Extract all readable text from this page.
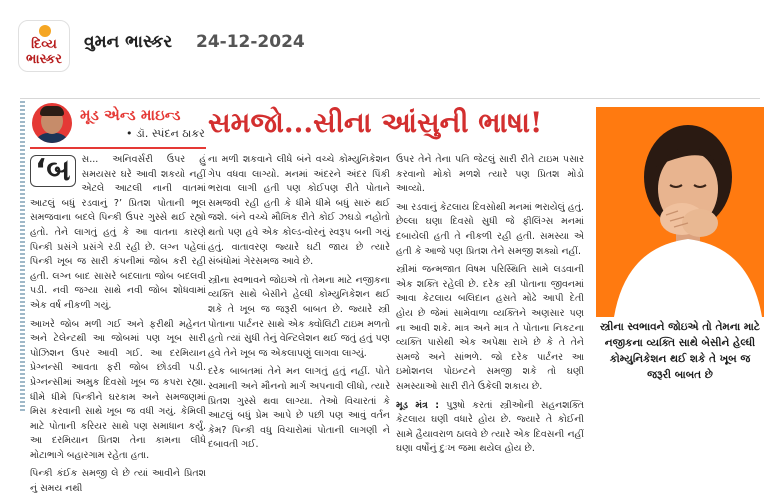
દિવ્ય ભાસ્કર
વુમન ભાસ્કર 24-12-2024
મૂડ એન્ડ માઇન્ડ
• ડૉ. સ્પંદન ઠાકર સમજો...સીના આંસુની ભાષા!
‘બ	સ... અનિવર્સરી ઉપર હું સમયસર ઘરે આવી શકયો નહીં એટલે આટલી નાની વાતમાં આટલું બધું રડવાનું ?’ પ્રિતશ પોતાની ભૂલ સમજવાના બદલે પિન્કી ઉપર ગુસ્સે થઈ રહ્યો હતો. તેને લાગતું હતું કે આ વાતના કારણે પિન્કી પ્રસંગે પ્રસંગે રડી રહી છે. લગ્ન પહેલાં પિન્કી ખૂબ જ સારી કંપનીમાં જોબ કરી રહી હતી. લગ્ન બાદ સાસરે બદલાતા જોબ બદલવી પડી. નવી જગ્યા સાથે નવી જોબ શોધવામાં એક વર્ષ નીકળી ગયું.

આખરે જોબ મળી ગઈ અને ફરીથી મહેનત અને ટેલેન્ટથી આ જોબમાં પણ ખૂબ સારી પોઝિશન ઉપર આવી ગઈ. આ દરમિયાન પ્રેગ્નન્સી આવતા ફરી જોબ છોડવી પડી. પ્રેગ્નન્સીમાં અમુક દિવસો ખૂબ જ કપરા રહ્યા. ધીમે ધીમે પિન્કીને ઘરકામ અને સમજણમાં મિસ કરવાની સાથે ખૂબ જ વધી ગયું. કેમિલી માટે પોતાની કરિયર સાથે પણ સમાધાન કર્યું. આ દરમિયાન પ્રિતશ તેના કામના લીધે મોટાભાગે બહારગામ રહેતા હતા.

પિન્કી કંઈક સમજી લે છે ત્યાં આવીને પ્રિતશ નું સમય નથી

ના મળી શકવાને લીધે બંને વચ્ચે કોમ્યુનિકેશન ગેપ વધવા લાગ્યો. મનમાં અંદરને અંદર પિંકી ભરાવા લાગી હતી પણ કોઈપણ રીતે પોતાને સમજવી રહી હતી કે ધીમે ધીમે બધું સારું થઈ જશે. બંને વચ્ચે મૌખિક રીતે કોઈ ઝઘડો નહોતો થતો પણ હવે એક કોલ્ડ-વોરનું સ્વરૂપ બની ગયું હતું. વાતાવરણ જ્યારે ઘટી જાય છે ત્યારે સંબંધોમાં ગેરસમજ આવે છે.

સ્ત્રીના સ્વભાવને જોઇએ તો તેમના માટે નજીકના વ્યક્તિ સાથે બેસીને હેલ્ધી કોમ્યુનિકેશન થઈ શકે તે ખૂબ જ જરૂરી બાબત છે. જ્યારે સ્ત્રી પોતાના પાર્ટનર સાથે એક ક્વોલિટી ટાઇમ મળતો હતો ત્યાં સુધી તેનું વેન્ટિલેશન થઈ જતું હતું પણ હવે તેને ખૂબ જ એકલાપણું લાગવા લાગ્યું.

દરેક બાબતમાં તેને મન લાગતું હતું નહીં. પોતે સ્વમાની અને મૌનનો માર્ગ અપનાવી લીધો, ત્યારે પ્રિતશ ગુસ્સે થવા લાગ્યા. તેઓ વિચારતાં કે આટલું બધું પ્રેમ આપે છે પછી પણ આવું વર્તન કેમ? પિન્કી વધુ વિચારોમાં પોતાની લાગણી ને દબાવતી ગઈ.

ઉપર તેને તેના પતિ જેટલું સારી રીતે ટાઇમ પસાર કરવાનો મોકો મળશે ત્યારે પણ પ્રિતશ મોડો આવ્યો.

આ રડવાનું કેટલાય દિવસોથી મનમાં ભરાયેલું હતું. છેલ્લા ઘણા દિવસો સુધી જે ફીલિંગ્સ મનમાં દબાયેલી હતી તે નીકળી રહી હતી. સમસ્યા એ હતી કે આજે પણ પ્રિતશ તેને સમજી શક્યો નહીં.

સ્ત્રીમાં જન્મજાત વિષમ પરિસ્થિતિ સામે લડવાની એક શક્તિ રહેલી છે. દરેક સ્ત્રી પોતાના જીવનમાં આવા કેટલાય બલિદાન હસતે મોઢે આપી દેતી હોય છે જેમાં સામેવાળા વ્યક્તિને અણસાર પણ ના આવી શકે. માત્ર અને માત્ર તે પોતાના નિકટના વ્યક્તિ પાસેથી એક અપેક્ષા રાખે છે કે તે તેને સમજે અને સાંભળે. જો દરેક પાર્ટનર આ ઇમોશનલ પોઇન્ટને સમજી શકે તો ઘણી સમસ્યાઓ સારી રીતે ઉકેલી શકાય છે.

મૂડ મંત્ર : પુરૂષો કરતાં સ્ત્રીઓની સહનશક્તિ કેટલાય ઘણી વધારે હોય છે. જ્યારે તે કોઈની સામે હૈયાવરાળ ઠાલવે છે ત્યારે એક દિવસની નહીં ઘણા વર્ષોનું દુઃખ જમા થયેલ હોય છે.

સ્ત્રીના સ્વભાવને જોઇએ તો તેમના માટે નજીકના વ્યક્તિ સાથે બેસીને હેલ્ધી કોમ્યુનિકેશન થઈ શકે તે ખૂબ જ જરૂરી બાબત છે
